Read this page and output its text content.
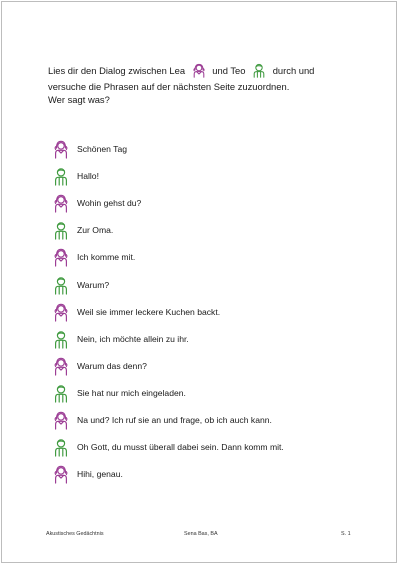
Lies dir den Dialog zwischen Lea	und Teo	durch und
versuche die Phrasen auf der nächsten Seite zuzuordnen.
Wer sagt was?
Schönen Tag
Hallo!
Wohin gehst du?
Zur Oma.
Ich komme mit.
Warum?
Weil sie immer leckere Kuchen backt.
Nein, ich möchte allein zu ihr.
Warum das denn?
Sie hat nur mich eingeladen.
Na und? Ich ruf sie an und frage, ob ich auch kann.
Oh Gott, du musst überall dabei sein. Dann komm mit.
Hihi, genau.
Akustisches Gedächtnis	Sena Bas, BA	S. 1
